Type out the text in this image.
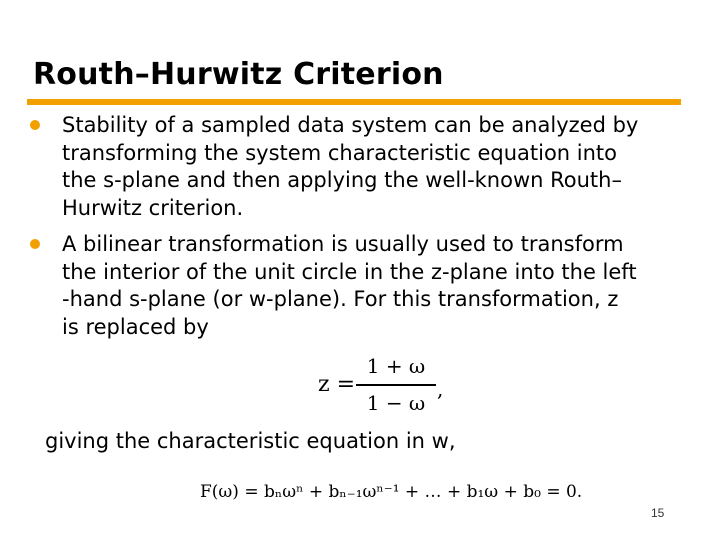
Routh–Hurwitz Criterion
Stability of a sampled data system can be analyzed by
transforming the system characteristic equation into
the s-plane and then applying the well-known Routh–
Hurwitz criterion.
A bilinear transformation is usually used to transform
the interior of the unit circle in the z-plane into the left
-hand s-plane (or w-plane). For this transformation, z
is replaced by
z =
1 + ω
1 − ω
,
giving the characteristic equation in w,
F(ω) = bₙωⁿ + bₙ₋₁ωⁿ⁻¹ + … + b₁ω + b₀ = 0.
15
